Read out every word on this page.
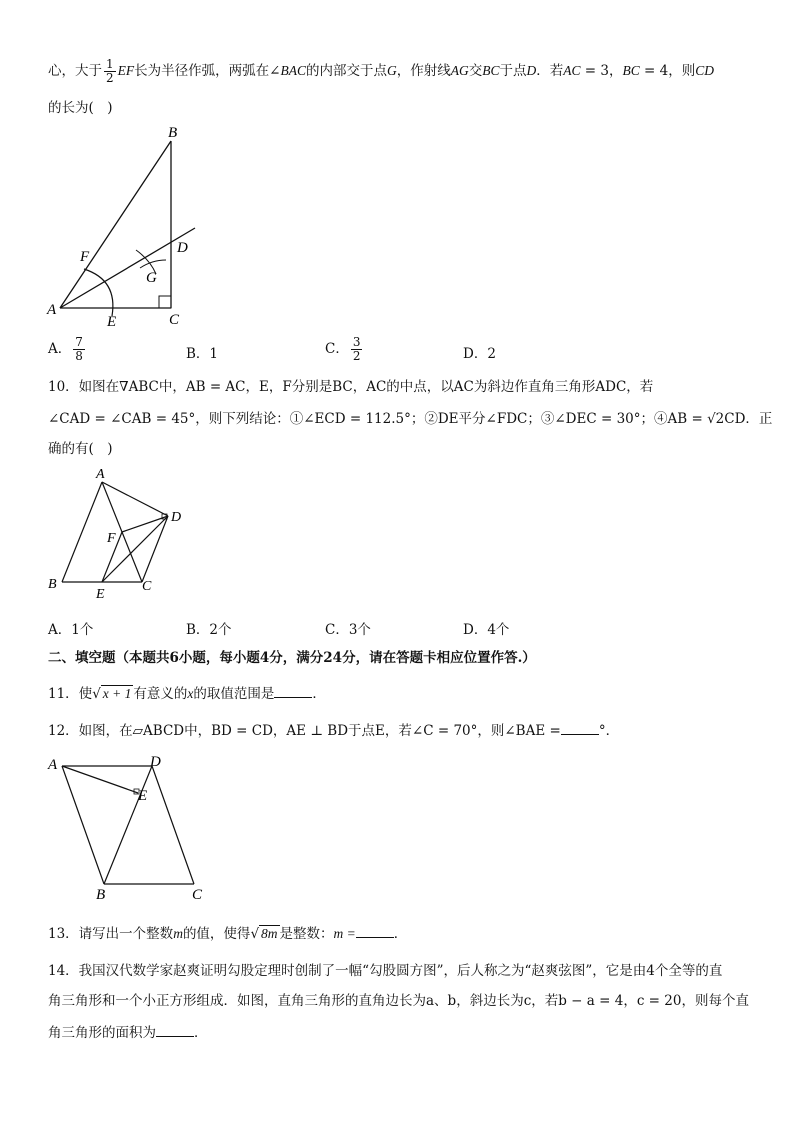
心，大于 $\frac{1}{2}$ EF长为半径作弧，两弧在∠BAC的内部交于点G，作射线AG交BC于点D．若AC = 3，BC = 4，则CD
的长为(　)
B
F
D
G
A
C
E
A． $\frac{7}{8}$	B．1	C． $\frac{3}{2}$	D．2
10．如图在∇ABC中，AB = AC，E，F分别是BC，AC的中点，以AC为斜边作直角三角形ADC，若
∠CAD = ∠CAB = 45°，则下列结论：①∠ECD = 112.5°；②DE平分∠FDC；③∠DEC = 30°；④AB = √2CD．正
确的有(　)
A
D
F
B	C
E
A．1个	B．2个	C．3个	D．4个
二、填空题（本题共6小题，每小题4分，满分24分，请在答题卡相应位置作答.）
11．使√ x + 1 有意义的x的取值范围是	．
12．如图，在▱ABCD中，BD = CD，AE ⊥ BD于点E，若∠C = 70°，则∠BAE =	°．
A	D
E
B	C
13．请写出一个整数m的值，使得√ 8m 是整数：m =	．
14．我国汉代数学家赵爽证明勾股定理时创制了一幅“勾股圆方图”，后人称之为“赵爽弦图”，它是由4个全等的直
角三角形和一个小正方形组成．如图，直角三角形的直角边长为a、b，斜边长为c，若b − a = 4，c = 20，则每个直
角三角形的面积为	．
